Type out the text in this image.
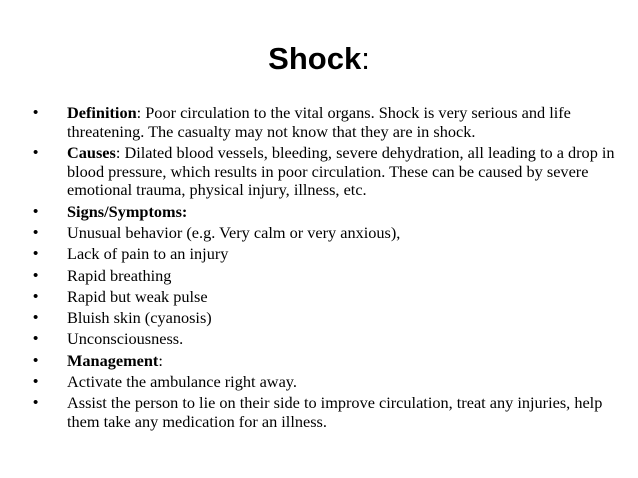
Shock:
• Definition: Poor circulation to the vital organs. Shock is very serious and life threatening. The casualty may not know that they are in shock.
• Causes: Dilated blood vessels, bleeding, severe dehydration, all leading to a drop in blood pressure, which results in poor circulation. These can be caused by severe emotional trauma, physical injury, illness, etc.
• Signs/Symptoms:
• Unusual behavior (e.g. Very calm or very anxious),
• Lack of pain to an injury
• Rapid breathing
• Rapid but weak pulse
• Bluish skin (cyanosis)
• Unconsciousness.
• Management:
• Activate the ambulance right away.
• Assist the person to lie on their side to improve circulation, treat any injuries, help them take any medication for an illness.
